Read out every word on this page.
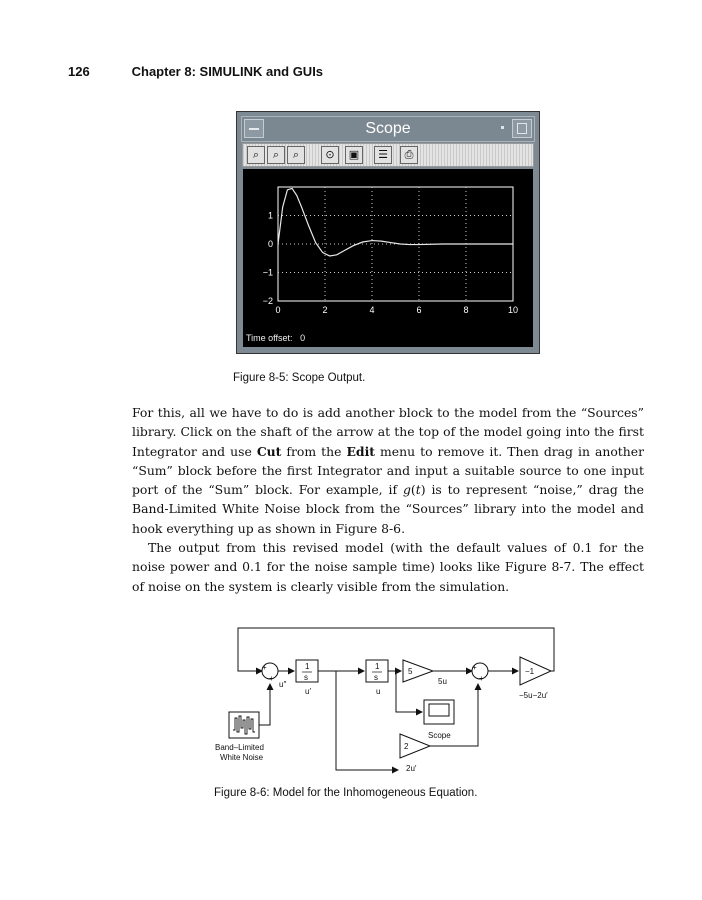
126	Chapter 8: SIMULINK and GUIs
Scope
⌕	⌕	⌕	⊙	▣	☰	⎙
0	2	4	6	8	10
1
0
−1
−2
Time offset: 0
Figure 8-5: Scope Output.

For this, all we have to do is add another block to the model from the “Sources” library. Click on the shaft of the arrow at the top of the model going into the first Integrator and use Cut from the Edit menu to remove it. Then drag in another “Sum” block before the first Integrator and input a suitable source to one input port of the “Sum” block. For example, if g(t) is to represent “noise,” drag the Band-Limited White Noise block from the “Sources” library into the model and hook everything up as shown in Figure 8-6.

The output from this revised model (with the default values of 0.1 for the noise power and 0.1 for the noise sample time) looks like Figure 8-7. The effect of noise on the system is clearly visible from the simulation.

+
+
u″
1
s
u′
1
s
u
5
5u
+
+
−1
−5u−2u′
Scope
2
2u′
Band–Limited
White Noise
Figure 8-6: Model for the Inhomogeneous Equation.
